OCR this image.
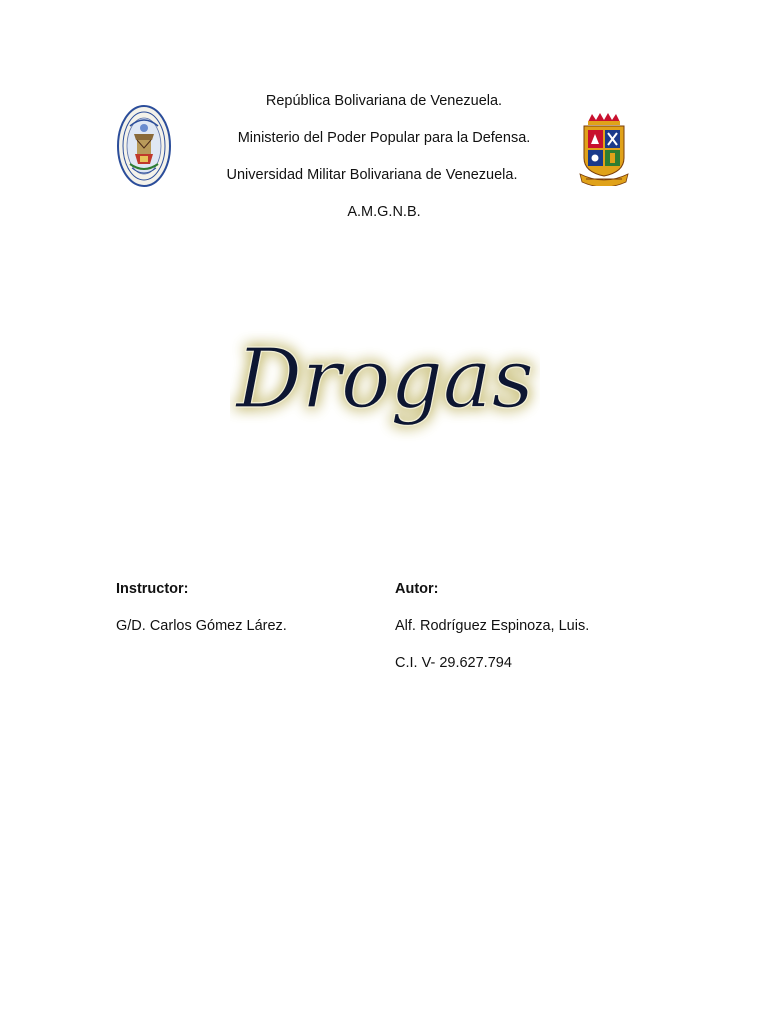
República Bolivariana de Venezuela.
Ministerio del Poder Popular para la Defensa.
Universidad Militar Bolivariana de Venezuela.
A.M.G.N.B.
Drogas
Instructor:
G/D. Carlos Gómez Lárez.
Autor:
Alf. Rodríguez Espinoza, Luis.
C.I. V- 29.627.794
